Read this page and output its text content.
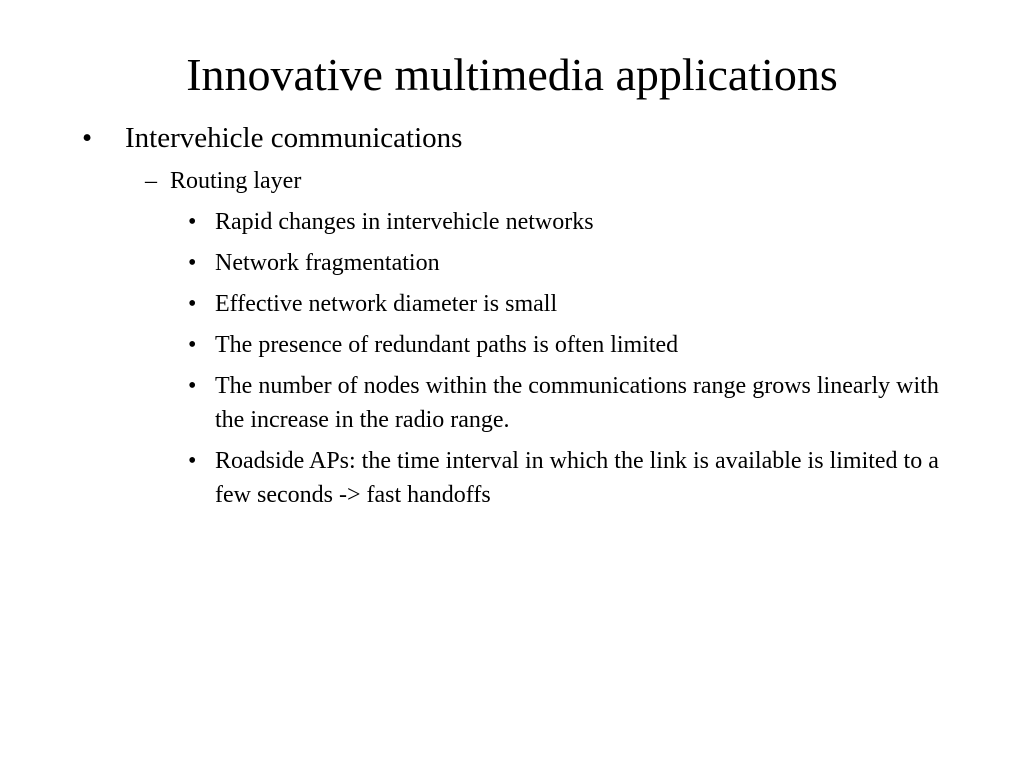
Innovative multimedia applications
•	Intervehicle communications
– Routing layer
• Rapid changes in intervehicle networks
• Network fragmentation
• Effective network diameter is small
• The presence of redundant paths is often limited
• The number of nodes within the communications range grows linearly with the increase in the radio range.
• Roadside APs: the time interval in which the link is available is limited to a few seconds -> fast handoffs
